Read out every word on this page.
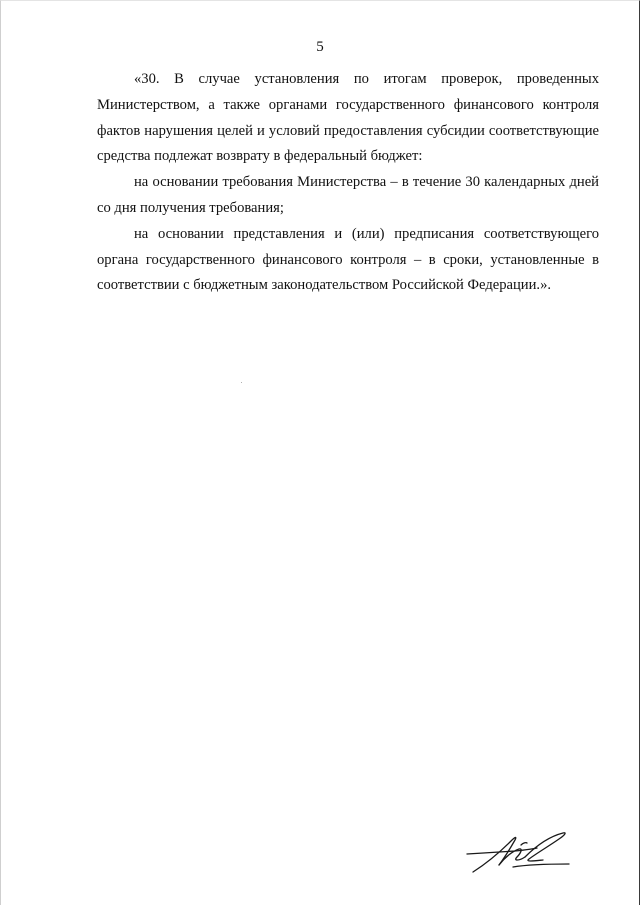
5

«30. В случае установления по итогам проверок, проведенных Министерством, а также органами государственного финансового контроля фактов нарушения целей и условий предоставления субсидии соответствующие средства подлежат возврату в федеральный бюджет:

на основании требования Министерства – в течение 30 календарных дней со дня получения требования;

на основании представления и (или) предписания соответствующего органа государственного финансового контроля – в сроки, установленные в соответствии с бюджетным законодательством Российской Федерации.».
